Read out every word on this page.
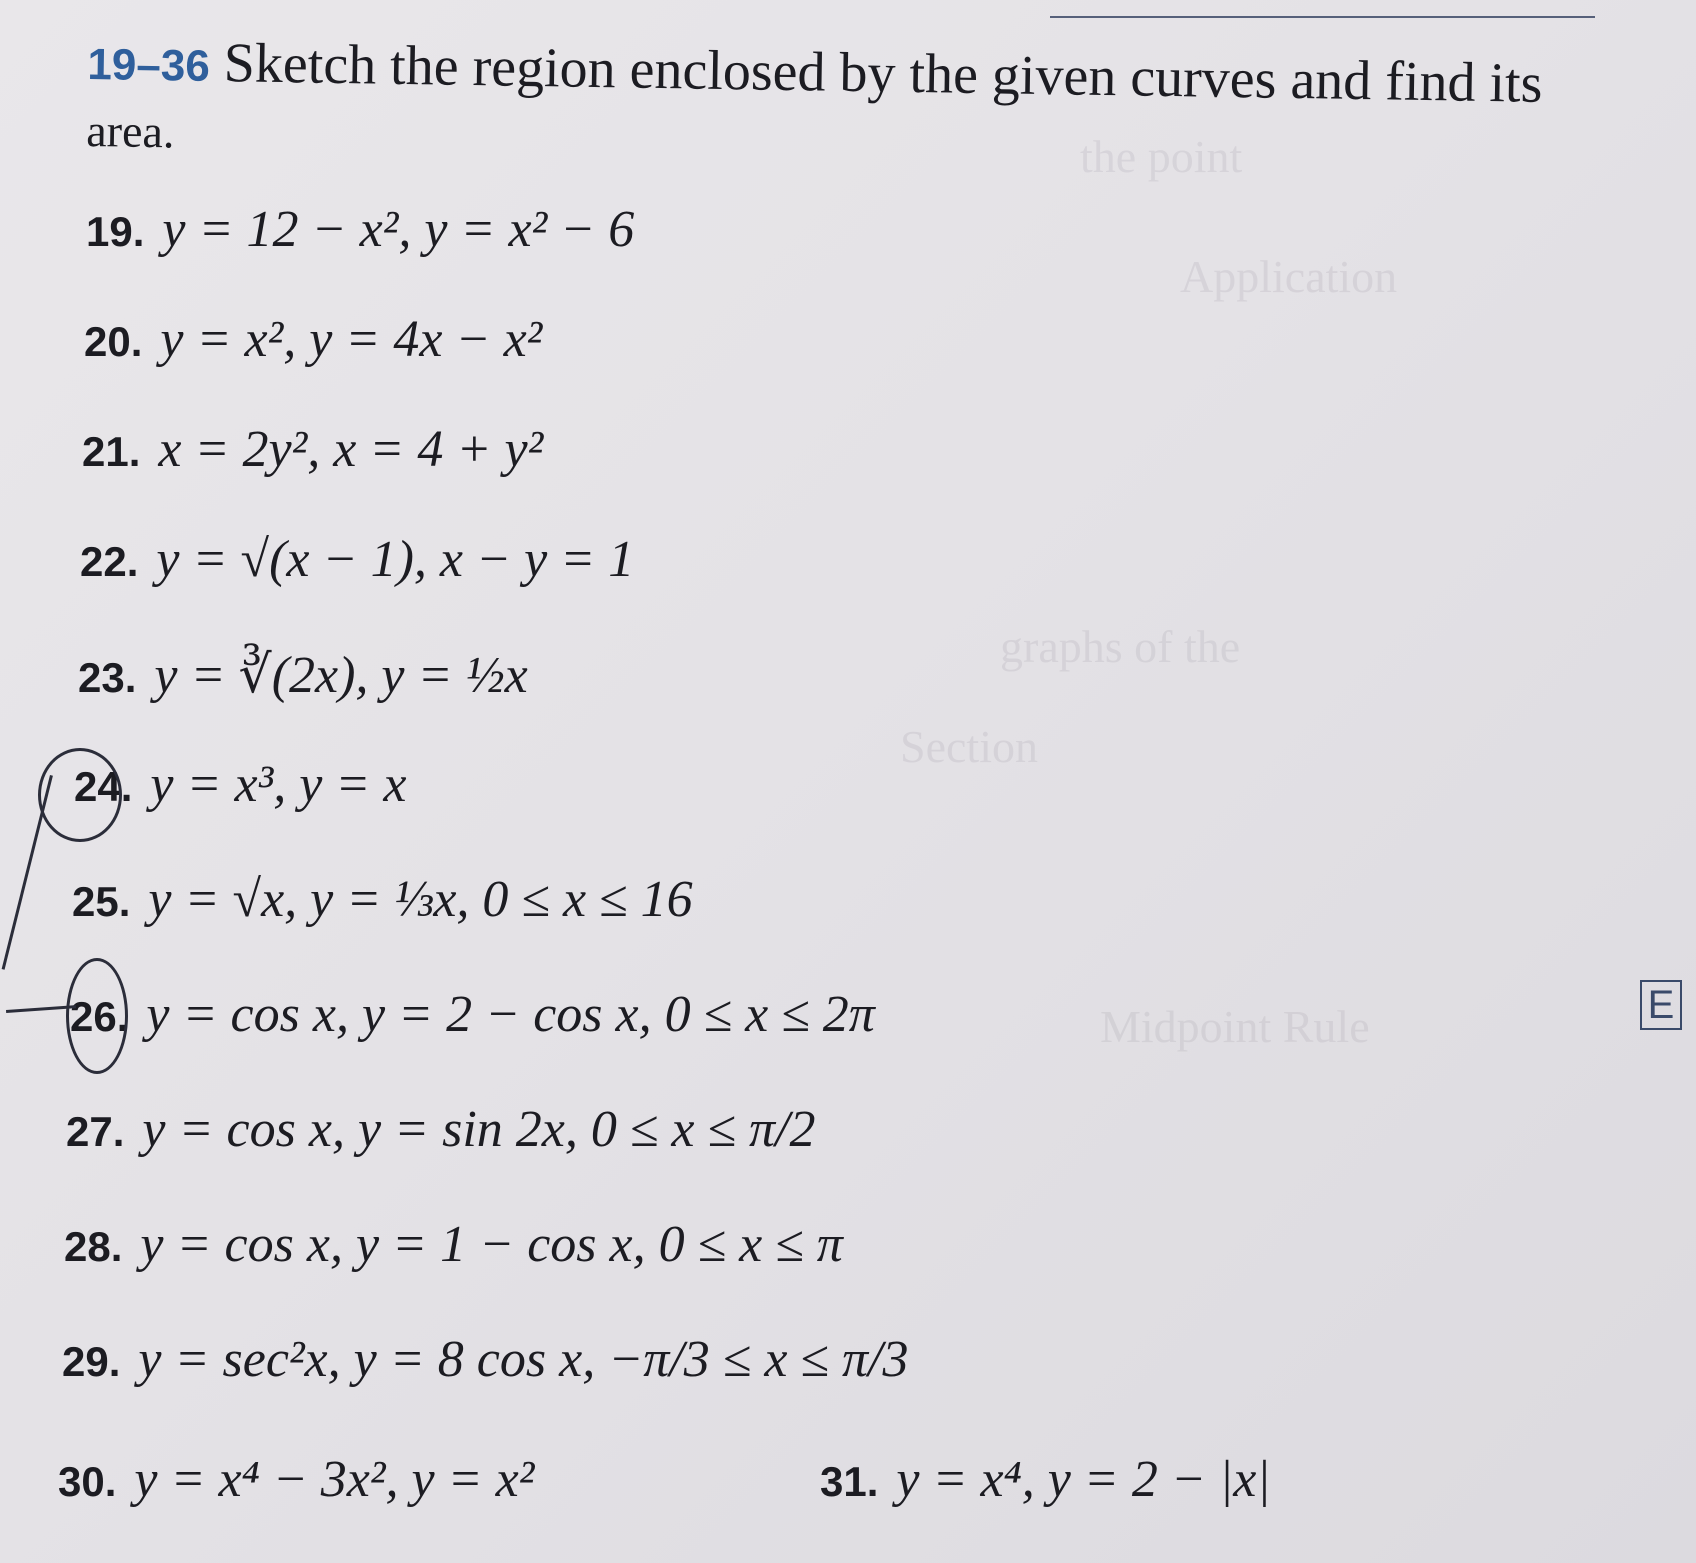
the point
Application
graphs of the
Section
Midpoint Rule
19–36 Sketch the region enclosed by the given curves and find its
area.
19. y = 12 − x², y = x² − 6
20. y = x², y = 4x − x²
21. x = 2y², x = 4 + y²
22. y = √(x − 1), x − y = 1
23. y = ∛(2x), y = ½x
24. y = x³, y = x
25. y = √x, y = ⅓x, 0 ≤ x ≤ 16
26. y = cos x, y = 2 − cos x, 0 ≤ x ≤ 2π
27. y = cos x, y = sin 2x, 0 ≤ x ≤ π/2
28. y = cos x, y = 1 − cos x, 0 ≤ x ≤ π
29. y = sec²x, y = 8 cos x, −π/3 ≤ x ≤ π/3
30. y = x⁴ − 3x², y = x²	31. y = x⁴, y = 2 − |x|
E
